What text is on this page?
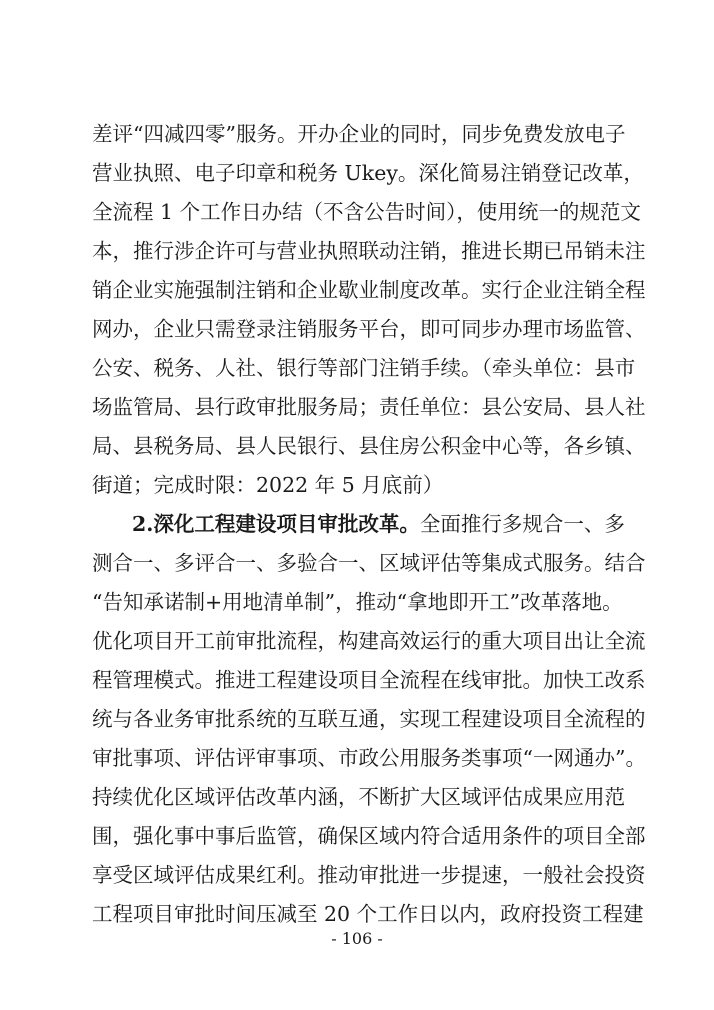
差评“四减四零”服务。开办企业的同时，同步免费发放电子
营业执照、电子印章和税务 Ukey。深化简易注销登记改革，
全流程 1 个工作日办结（不含公告时间），使用统一的规范文
本，推行涉企许可与营业执照联动注销，推进长期已吊销未注
销企业实施强制注销和企业歇业制度改革。实行企业注销全程
网办，企业只需登录注销服务平台，即可同步办理市场监管、
公安、税务、人社、银行等部门注销手续。（牵头单位：县市
场监管局、县行政审批服务局；责任单位：县公安局、县人社
局、县税务局、县人民银行、县住房公积金中心等，各乡镇、
街道；完成时限：2022 年 5 月底前）
2.深化工程建设项目审批改革。全面推行多规合一、多
测合一、多评合一、多验合一、区域评估等集成式服务。结合
“告知承诺制+用地清单制”，推动“拿地即开工”改革落地。
优化项目开工前审批流程，构建高效运行的重大项目出让全流
程管理模式。推进工程建设项目全流程在线审批。加快工改系
统与各业务审批系统的互联互通，实现工程建设项目全流程的
审批事项、评估评审事项、市政公用服务类事项“一网通办”。
持续优化区域评估改革内涵，不断扩大区域评估成果应用范
围，强化事中事后监管，确保区域内符合适用条件的项目全部
享受区域评估成果红利。推动审批进一步提速，一般社会投资
工程项目审批时间压减至 20 个工作日以内，政府投资工程建
- 106 -
